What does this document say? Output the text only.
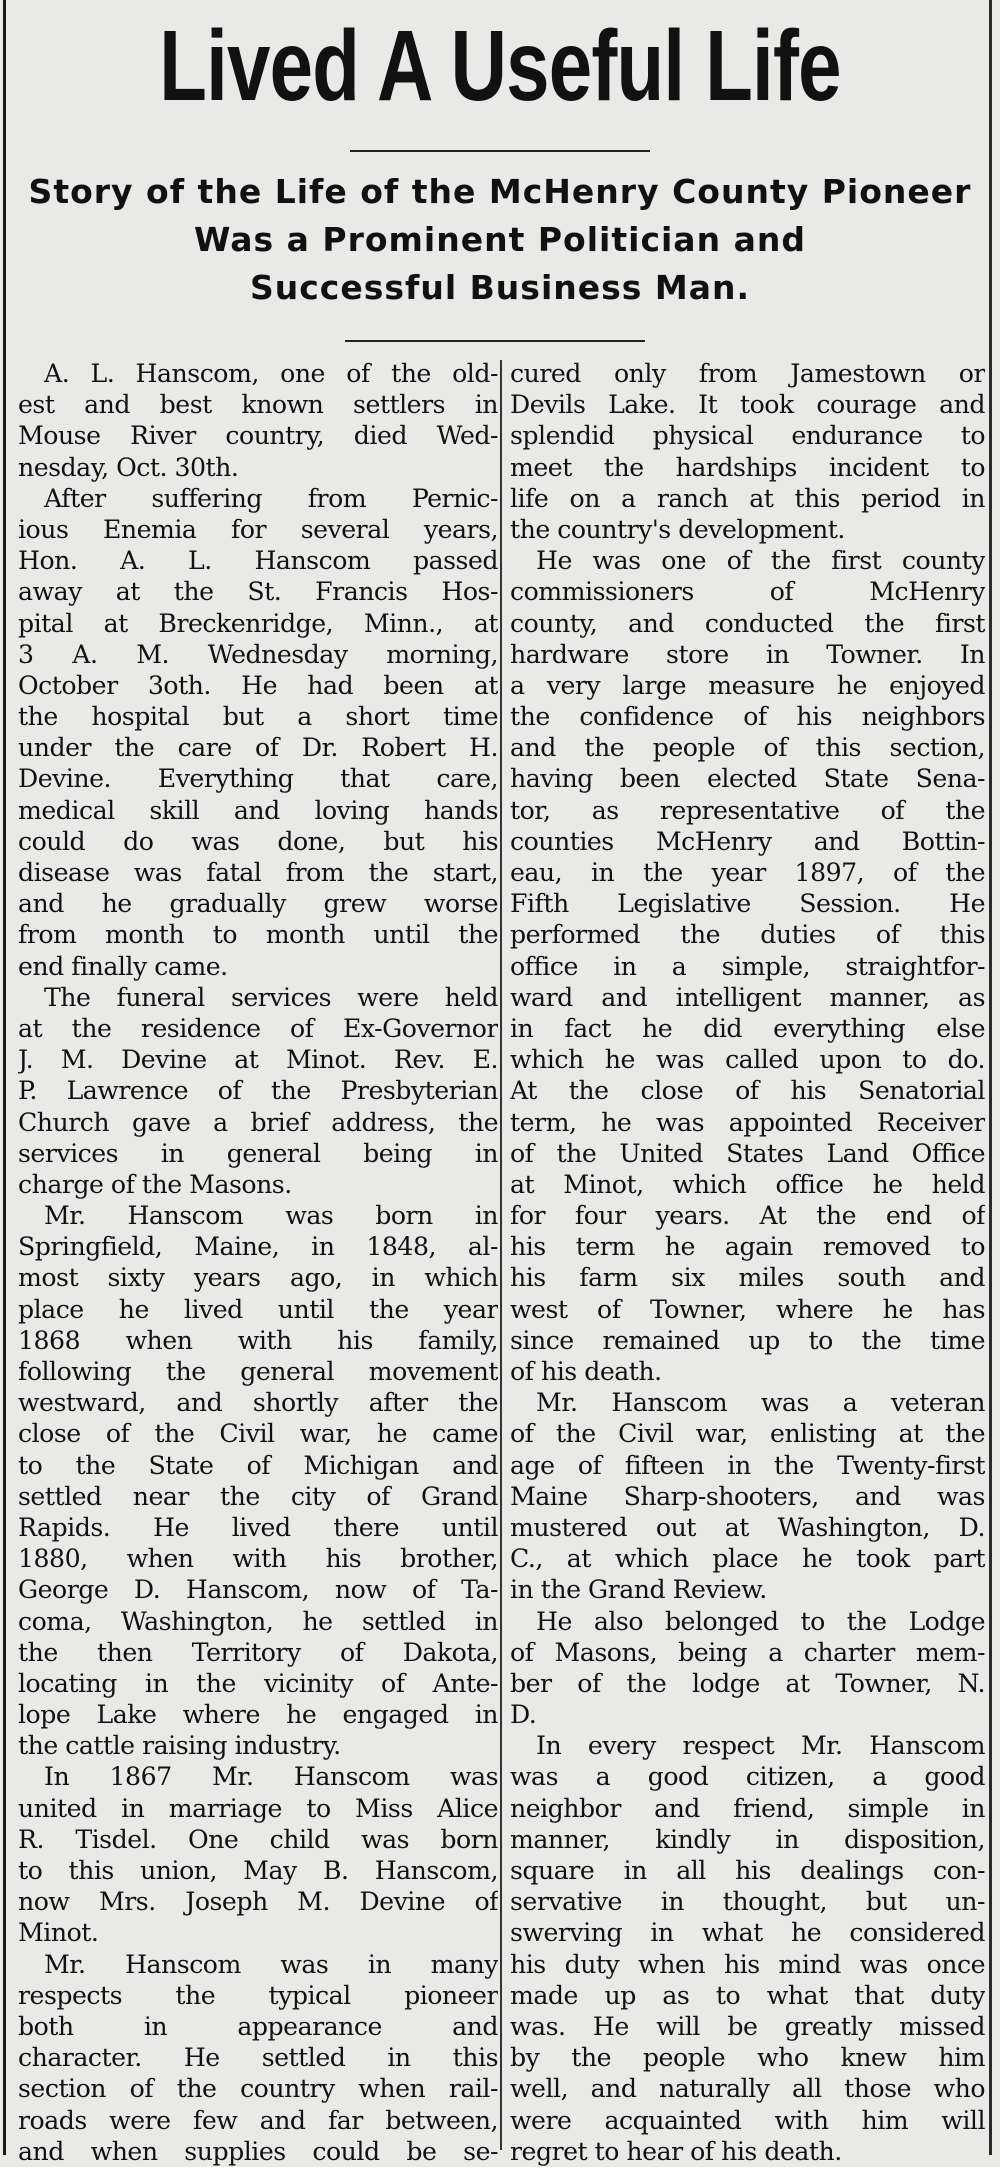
Lived A Useful Life
Story of the Life of the McHenry County Pioneer
Was a Prominent Politician and
Successful Business Man.
A. L. Hanscom, one of the old-
est and best known settlers in
Mouse River country, died Wed-
nesday, Oct. 30th.
After suffering from Pernic-
ious Enemia for several years,
Hon. A. L. Hanscom passed
away at the St. Francis Hos-
pital at Breckenridge, Minn., at
3 A. M. Wednesday morning,
October 3oth. He had been at
the hospital but a short time
under the care of Dr. Robert H.
Devine. Everything that care,
medical skill and loving hands
could do was done, but his
disease was fatal from the start,
and he gradually grew worse
from month to month until the
end finally came.
The funeral services were held
at the residence of Ex-Governor
J. M. Devine at Minot. Rev. E.
P. Lawrence of the Presbyterian
Church gave a brief address, the
services in general being in
charge of the Masons.
Mr. Hanscom was born in
Springfield, Maine, in 1848, al-
most sixty years ago, in which
place he lived until the year
1868 when with his family,
following the general movement
westward, and shortly after the
close of the Civil war, he came
to the State of Michigan and
settled near the city of Grand
Rapids. He lived there until
1880, when with his brother,
George D. Hanscom, now of Ta-
coma, Washington, he settled in
the then Territory of Dakota,
locating in the vicinity of Ante-
lope Lake where he engaged in
the cattle raising industry.
In 1867 Mr. Hanscom was
united in marriage to Miss Alice
R. Tisdel. One child was born
to this union, May B. Hanscom,
now Mrs. Joseph M. Devine of
Minot.
Mr. Hanscom was in many
respects the typical pioneer
both in appearance and
character. He settled in this
section of the country when rail-
roads were few and far between,
and when supplies could be se-
cured only from Jamestown or
Devils Lake. It took courage and
splendid physical endurance to
meet the hardships incident to
life on a ranch at this period in
the country's development.
He was one of the first county
commissioners of McHenry
county, and conducted the first
hardware store in Towner. In
a very large measure he enjoyed
the confidence of his neighbors
and the people of this section,
having been elected State Sena-
tor, as representative of the
counties McHenry and Bottin-
eau, in the year 1897, of the
Fifth Legislative Session. He
performed the duties of this
office in a simple, straightfor-
ward and intelligent manner, as
in fact he did everything else
which he was called upon to do.
At the close of his Senatorial
term, he was appointed Receiver
of the United States Land Office
at Minot, which office he held
for four years. At the end of
his term he again removed to
his farm six miles south and
west of Towner, where he has
since remained up to the time
of his death.
Mr. Hanscom was a veteran
of the Civil war, enlisting at the
age of fifteen in the Twenty-first
Maine Sharp-shooters, and was
mustered out at Washington, D.
C., at which place he took part
in the Grand Review.
He also belonged to the Lodge
of Masons, being a charter mem-
ber of the lodge at Towner, N.
D.
In every respect Mr. Hanscom
was a good citizen, a good
neighbor and friend, simple in
manner, kindly in disposition,
square in all his dealings con-
servative in thought, but un-
swerving in what he considered
his duty when his mind was once
made up as to what that duty
was. He will be greatly missed
by the people who knew him
well, and naturally all those who
were acquainted with him will
regret to hear of his death.
